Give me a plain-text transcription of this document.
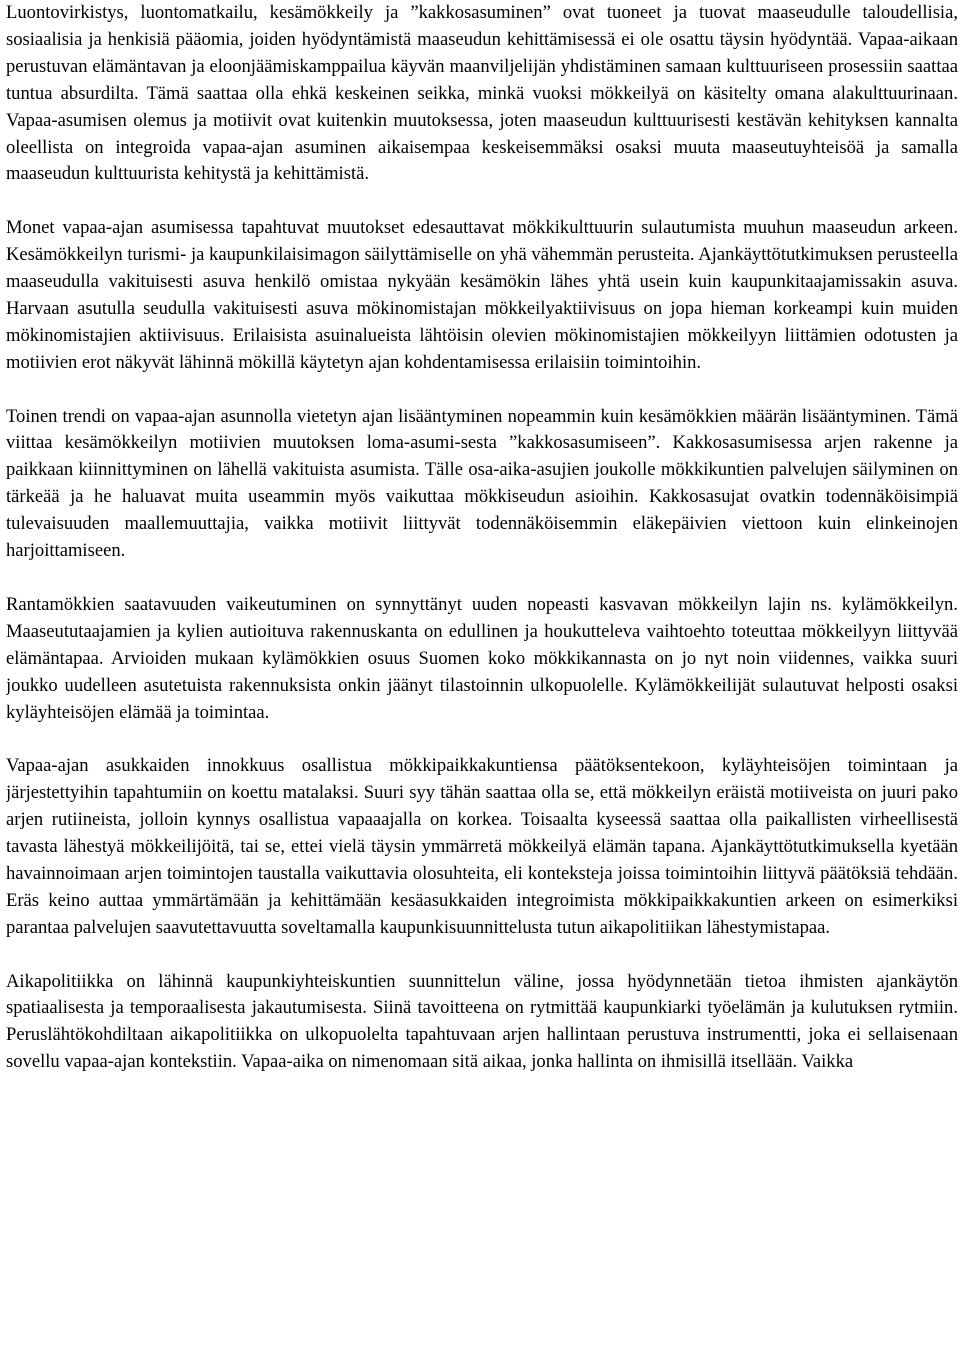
Luontovirkistys, luontomatkailu, kesämökkeily ja ”kakkosasuminen” ovat tuoneet ja tuovat maaseudulle taloudellisia, sosiaalisia ja henkisiä pääomia, joiden hyödyntämistä maaseudun kehittämisessä ei ole osattu täysin hyödyntää. Vapaa-aikaan perustuvan elämäntavan ja eloonjäämiskamppailua käyvän maanviljelijän yhdistäminen samaan kulttuuriseen prosessiin saattaa tuntua absurdilta. Tämä saattaa olla ehkä keskeinen seikka, minkä vuoksi mökkeilyä on käsitelty omana alakulttuurinaan. Vapaa-asumisen olemus ja motiivit ovat kuitenkin muutoksessa, joten maaseudun kulttuurisesti kestävän kehityksen kannalta oleellista on integroida vapaa-ajan asuminen aikaisempaa keskeisemmäksi osaksi muuta maaseutuyhteisöä ja samalla maaseudun kulttuurista kehitystä ja kehittämistä.

Monet vapaa-ajan asumisessa tapahtuvat muutokset edesauttavat mökkikulttuurin sulautumista muuhun maaseudun arkeen. Kesämökkeilyn turismi- ja kaupunkilaisimagon säilyttämiselle on yhä vähemmän perusteita. Ajankäyttötutkimuksen perusteella maaseudulla vakituisesti asuva henkilö omistaa nykyään kesämökin lähes yhtä usein kuin kaupunkitaajamissakin asuva. Harvaan asutulla seudulla vakituisesti asuva mökinomistajan mökkeilyaktiivisuus on jopa hieman korkeampi kuin muiden mökinomistajien aktiivisuus. Erilaisista asuinalueista lähtöisin olevien mökinomistajien mökkeilyyn liittämien odotusten ja motiivien erot näkyvät lähinnä mökillä käytetyn ajan kohdentamisessa erilaisiin toimintoihin.

Toinen trendi on vapaa-ajan asunnolla vietetyn ajan lisääntyminen nopeammin kuin kesämökkien määrän lisääntyminen. Tämä viittaa kesämökkeilyn motiivien muutoksen loma-asumi-sesta ”kakkosasumiseen”. Kakkosasumisessa arjen rakenne ja paikkaan kiinnittyminen on lähellä vakituista asumista. Tälle osa-aika-asujien joukolle mökkikuntien palvelujen säilyminen on tärkeää ja he haluavat muita useammin myös vaikuttaa mökkiseudun asioihin. Kakkosasujat ovatkin todennäköisimpiä tulevaisuuden maallemuuttajia, vaikka motiivit liittyvät todennäköisemmin eläkepäivien viettoon kuin elinkeinojen harjoittamiseen.

Rantamökkien saatavuuden vaikeutuminen on synnyttänyt uuden nopeasti kasvavan mökkeilyn lajin ns. kylämökkeilyn. Maaseututaajamien ja kylien autioituva rakennuskanta on edullinen ja houkutteleva vaihtoehto toteuttaa mökkeilyyn liittyvää elämäntapaa. Arvioiden mukaan kylämökkien osuus Suomen koko mökkikannasta on jo nyt noin viidennes, vaikka suuri joukko uudelleen asutetuista rakennuksista onkin jäänyt tilastoinnin ulkopuolelle. Kylämökkeilijät sulautuvat helposti osaksi kyläyhteisöjen elämää ja toimintaa.

Vapaa-ajan asukkaiden innokkuus osallistua mökkipaikkakuntiensa päätöksentekoon, kyläyhteisöjen toimintaan ja järjestettyihin tapahtumiin on koettu matalaksi. Suuri syy tähän saattaa olla se, että mökkeilyn eräistä motiiveista on juuri pako arjen rutiineista, jolloin kynnys osallistua vapaaajalla on korkea. Toisaalta kyseessä saattaa olla paikallisten virheellisestä tavasta lähestyä mökkeilijöitä, tai se, ettei vielä täysin ymmärretä mökkeilyä elämän tapana. Ajankäyttötutkimuksella kyetään havainnoimaan arjen toimintojen taustalla vaikuttavia olosuhteita, eli konteksteja joissa toimintoihin liittyvä päätöksiä tehdään. Eräs keino auttaa ymmärtämään ja kehittämään kesäasukkaiden integroimista mökkipaikkakuntien arkeen on esimerkiksi parantaa palvelujen saavutettavuutta soveltamalla kaupunkisuunnittelusta tutun aikapolitiikan lähestymistapaa.

Aikapolitiikka on lähinnä kaupunkiyhteiskuntien suunnittelun väline, jossa hyödynnetään tietoa ihmisten ajankäytön spatiaalisesta ja temporaalisesta jakautumisesta. Siinä tavoitteena on rytmittää kaupunkiarki työelämän ja kulutuksen rytmiin. Peruslähtökohdiltaan aikapolitiikka on ulkopuolelta tapahtuvaan arjen hallintaan perustuva instrumentti, joka ei sellaisenaan sovellu vapaa-ajan kontekstiin. Vapaa-aika on nimenomaan sitä aikaa, jonka hallinta on ihmisillä itsellään. Vaikka
